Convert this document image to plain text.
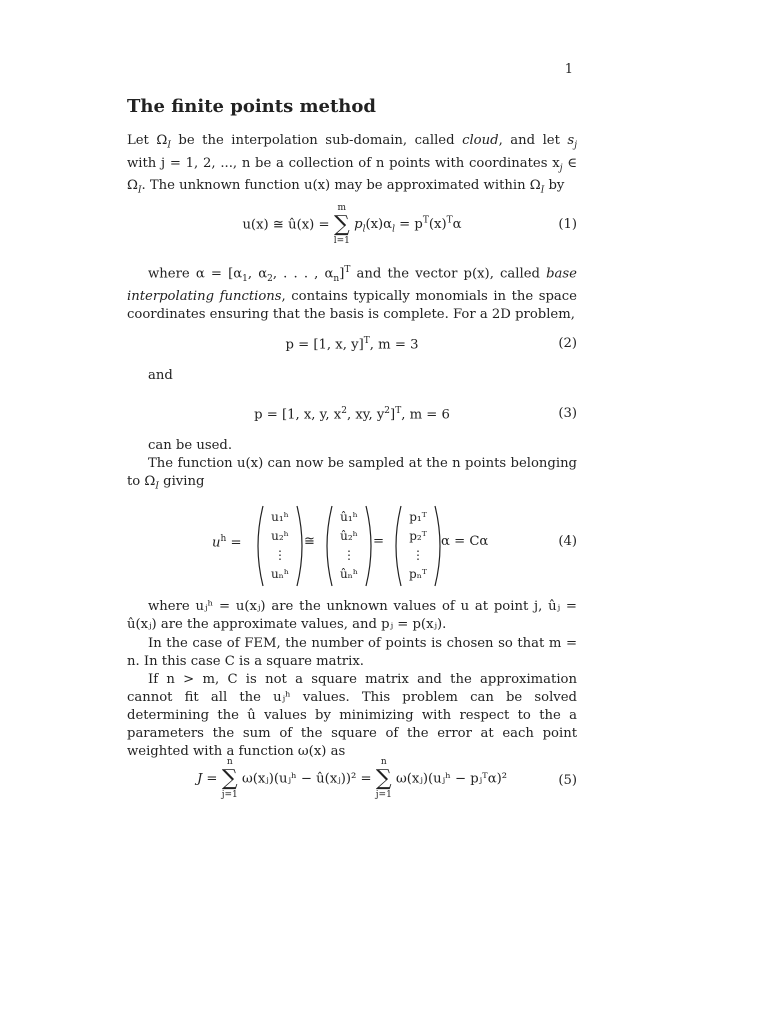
1
The finite points method
Let $\Omega_I$ be the interpolation sub-domain, called cloud, and let $s_j$ with j = 1, 2, ..., n be a collection of n points with coordinates $x_j$ ∈ $\Omega_I$. The unknown function u(x) may be approximated within $\Omega_I$ by
u(x) ≅ û(x) =
m
∑
l=1
$p_l(x)\alpha_l = p^T(x)^T\alpha$	(1)
where $\alpha = [\alpha_1$, $\alpha_2$, . . . , $\alpha_n]^T$ and the vector p(x), called base interpolating functions, contains typically monomials in the space coordinates ensuring that the basis is complete. For a 2D problem,
p = [1, x, y]$^T$, m = 3	(2)
and
p = [1, x, y, $x^2$, xy, $y^2]^T$, m = 6	(3)
can be used.
The function u(x) can now be sampled at the n points belonging to $\Omega_I$ giving
$u^h$ =
u₁ʰ
u₂ʰ
⋮
uₙʰ
≅
û₁ʰ
û₂ʰ
⋮
ûₙʰ
=
p₁ᵀ
p₂ᵀ
⋮
pₙᵀ
α = Cα	(4)
where uⱼʰ = u(xⱼ) are the unknown values of u at point j, ûⱼ = û(xⱼ) are the approximate values, and pⱼ = p(xⱼ).
In the case of FEM, the number of points is chosen so that m = n. In this case C is a square matrix.
If n > m, C is not a square matrix and the approximation cannot fit all the uⱼʰ values. This problem can be solved determining the û values by minimizing with respect to the a parameters the sum of the square of the error at each point weighted with a function ω(x) as
J =
n
∑
j=1
ω(xⱼ)(uⱼʰ − û(xⱼ))² =
n
∑
j=1
ω(xⱼ)(uⱼʰ − pⱼᵀα)²	(5)
